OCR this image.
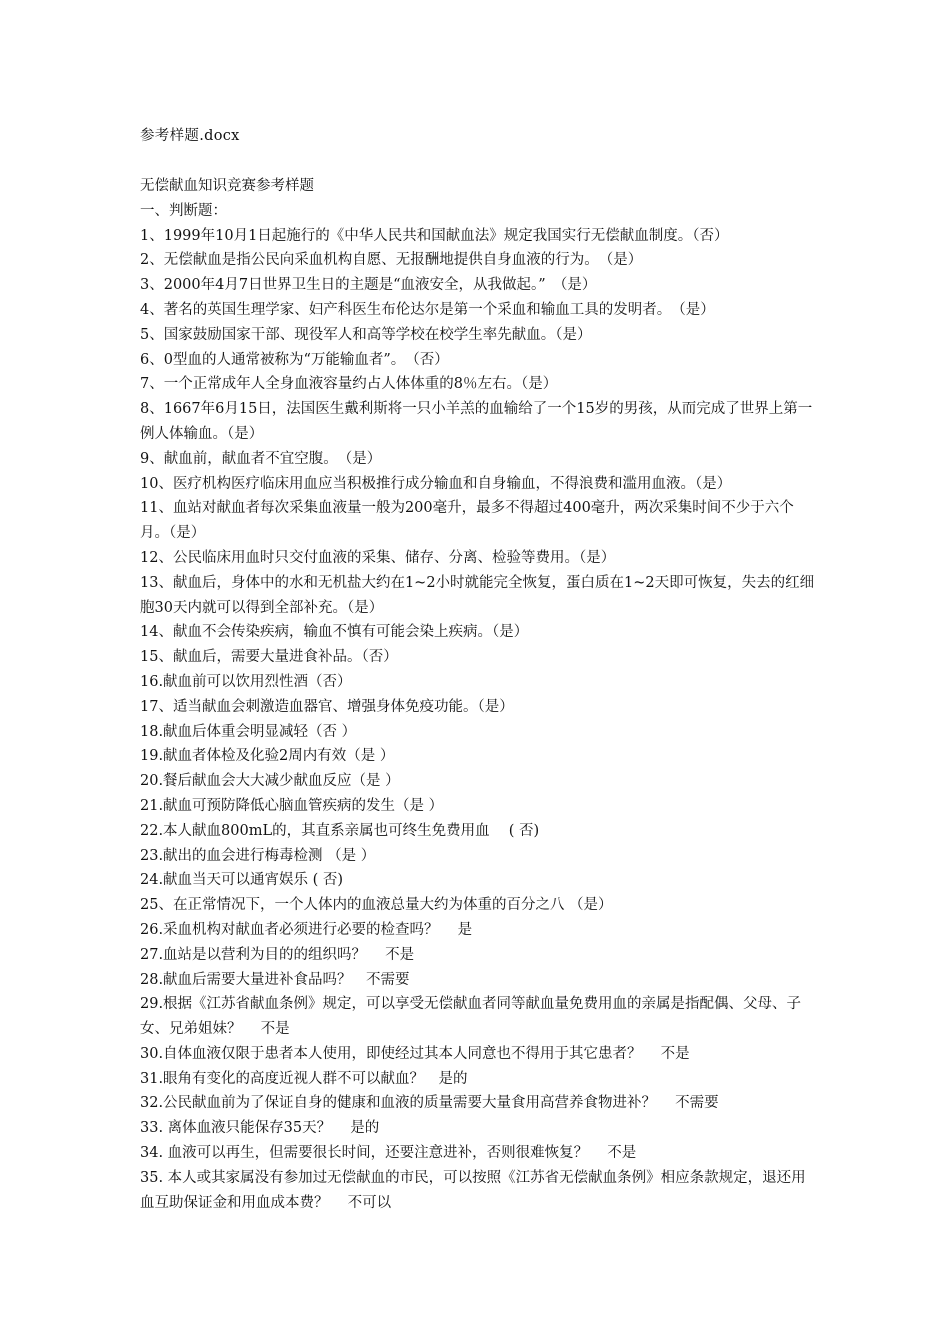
参考样题.docx
无偿献血知识竞赛参考样题
一、判断题：
1、1999年10月1日起施行的《中华人民共和国献血法》规定我国实行无偿献血制度。（否）
2、无偿献血是指公民向采血机构自愿、无报酬地提供自身血液的行为。　（是）
3、2000年4月7日世界卫生日的主题是“血液安全，从我做起。”　（是）
4、著名的英国生理学家、妇产科医生布伦达尔是第一个采血和输血工具的发明者。　（是）
5、国家鼓励国家干部、现役军人和高等学校在校学生率先献血。（是）
6、0型血的人通常被称为“万能输血者”。　（否）
7、一个正常成年人全身血液容量约占人体体重的8％左右。（是）
8、1667年6月15日，法国医生戴利斯将一只小羊羔的血输给了一个15岁的男孩，从而完成了世界上第一例人体输血。（是）
9、献血前，献血者不宜空腹。　（是）
10、医疗机构医疗临床用血应当积极推行成分输血和自身输血，不得浪费和滥用血液。（是）
11、血站对献血者每次采集血液量一般为200毫升，最多不得超过400毫升，两次采集时间不少于六个月。（是）
12、公民临床用血时只交付血液的采集、储存、分离、检验等费用。（是）
13、献血后，身体中的水和无机盐大约在1~2小时就能完全恢复，蛋白质在1~2天即可恢复，失去的红细胞30天内就可以得到全部补充。（是）
14、献血不会传染疾病，输血不慎有可能会染上疾病。（是）
15、献血后，需要大量进食补品。（否）
16.献血前可以饮用烈性酒（否）
17、适当献血会刺激造血器官、增强身体免疫功能。（是）
18.献血后体重会明显减轻（否 ）
19.献血者体检及化验2周内有效（是 ）
20.餐后献血会大大减少献血反应（是 ）
21.献血可预防降低心脑血管疾病的发生（是 ）
22.本人献血800mL的，其直系亲属也可终生免费用血　 ( 否)
23.献出的血会进行梅毒检测 （是 ）
24.献血当天可以通宵娱乐 ( 否)
25、在正常情况下，一个人体内的血液总量大约为体重的百分之八 （是）
26.采血机构对献血者必须进行必要的检查吗？　 是
27.血站是以营利为目的的组织吗？　 不是
28.献血后需要大量进补食品吗？　不需要
29.根据《江苏省献血条例》规定，可以享受无偿献血者同等献血量免费用血的亲属是指配偶、父母、子女、兄弟姐妹？　 不是
30.自体血液仅限于患者本人使用，即使经过其本人同意也不得用于其它患者？　 不是
31.眼角有变化的高度近视人群不可以献血？　是的
32.公民献血前为了保证自身的健康和血液的质量需要大量食用高营养食物进补？　 不需要
33. 离体血液只能保存35天？　 是的
34. 血液可以再生，但需要很长时间，还要注意进补，否则很难恢复？　 不是
35. 本人或其家属没有参加过无偿献血的市民，可以按照《江苏省无偿献血条例》相应条款规定，退还用血互助保证金和用血成本费？　 不可以
